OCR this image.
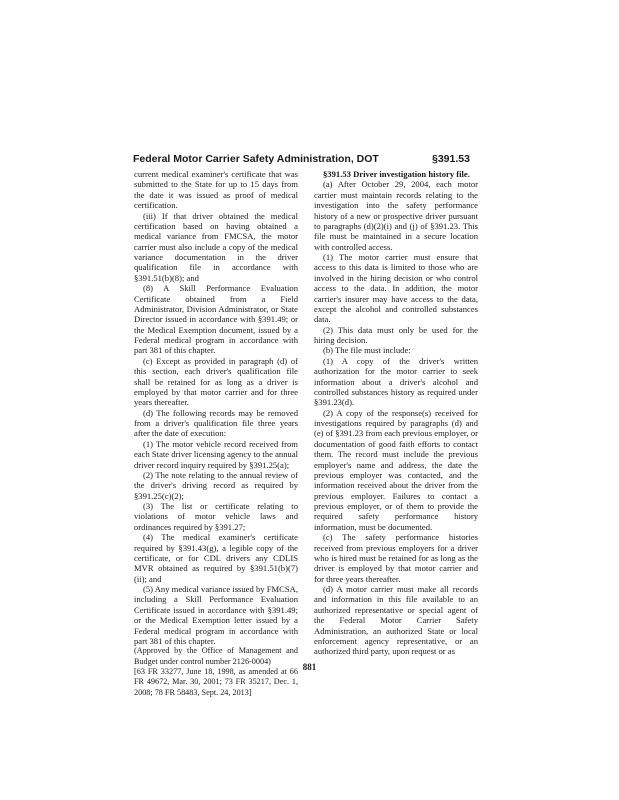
Federal Motor Carrier Safety Administration, DOT	§391.53

current medical examiner's certificate that was submitted to the State for up to 15 days from the date it was issued as proof of medical certification.

(iii) If that driver obtained the medical certification based on having obtained a medical variance from FMCSA, the motor carrier must also include a copy of the medical variance documentation in the driver qualification file in accordance with §391.51(b)(8); and

(8) A Skill Performance Evaluation Certificate obtained from a Field Administrator, Division Administrator, or State Director issued in accordance with §391.49; or the Medical Exemption document, issued by a Federal medical program in accordance with part 381 of this chapter.

(c) Except as provided in paragraph (d) of this section, each driver's qualification file shall be retained for as long as a driver is employed by that motor carrier and for three years thereafter.

(d) The following records may be removed from a driver's qualification file three years after the date of execution:

(1) The motor vehicle record received from each State driver licensing agency to the annual driver record inquiry required by §391.25(a);

(2) The note relating to the annual review of the driver's driving record as required by §391.25(c)(2);

(3) The list or certificate relating to violations of motor vehicle laws and ordinances required by §391.27;

(4) The medical examiner's certificate required by §391.43(g), a legible copy of the certificate, or for CDL drivers any CDLIS MVR obtained as required by §391.51(b)(7)(ii); and

(5) Any medical variance issued by FMCSA, including a Skill Performance Evaluation Certificate issued in accordance with §391.49; or the Medical Exemption letter issued by a Federal medical program in accordance with part 381 of this chapter.

(Approved by the Office of Management and Budget under control number 2126-0004)

[63 FR 33277, June 18, 1998, as amended at 66 FR 49672, Mar. 30, 2001; 73 FR 35217, Dec. 1, 2008; 78 FR 58483, Sept. 24, 2013]

§391.53 Driver investigation history file.

(a) After October 29, 2004, each motor carrier must maintain records relating to the investigation into the safety performance history of a new or prospective driver pursuant to paragraphs (d)(2)(i) and (j) of §391.23. This file must be maintained in a secure location with controlled access.

(1) The motor carrier must ensure that access to this data is limited to those who are involved in the hiring decision or who control access to the data. In addition, the motor carrier's insurer may have access to the data, except the alcohol and controlled substances data.

(2) This data must only be used for the hiring decision.

(b) The file must include:

(1) A copy of the driver's written authorization for the motor carrier to seek information about a driver's alcohol and controlled substances history as required under §391.23(d).

(2) A copy of the response(s) received for investigations required by paragraphs (d) and (e) of §391.23 from each previous employer, or documentation of good faith efforts to contact them. The record must include the previous employer's name and address, the date the previous employer was contacted, and the information received about the driver from the previous employer. Failures to contact a previous employer, or of them to provide the required safety performance history information, must be documented.

(c) The safety performance histories received from previous employers for a driver who is hired must be retained for as long as the driver is employed by that motor carrier and for three years thereafter.

(d) A motor carrier must make all records and information in this file available to an authorized representative or special agent of the Federal Motor Carrier Safety Administration, an authorized State or local enforcement agency representative, or an authorized third party, upon request or as

881
